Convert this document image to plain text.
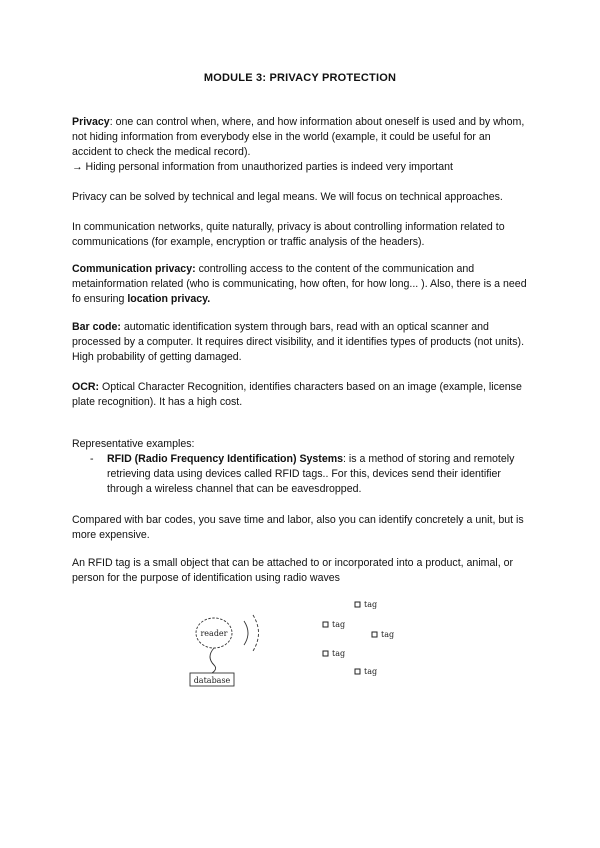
MODULE 3: PRIVACY PROTECTION

Privacy: one can control when, where, and how information about oneself is used and by whom, not hiding information from everybody else in the world (example, it could be useful for an accident to check the medical record).
→ Hiding personal information from unauthorized parties is indeed very important

Privacy can be solved by technical and legal means. We will focus on technical approaches.

In communication networks, quite naturally, privacy is about controlling information related to communications (for example, encryption or traffic analysis of the headers).

Communication privacy: controlling access to the content of the communication and metainformation related (who is communicating, how often, for how long... ). Also, there is a need fo ensuring location privacy.

Bar code: automatic identification system through bars, read with an optical scanner and processed by a computer. It requires direct visibility, and it identifies types of products (not units). High probability of getting damaged.

OCR: Optical Character Recognition, identifies characters based on an image (example, license plate recognition). It has a high cost.

Representative examples:

- RFID (Radio Frequency Identification) Systems: is a method of storing and remotely retrieving data using devices called RFID tags.. For this, devices send their identifier through a wireless channel that can be eavesdropped.

Compared with bar codes, you save time and labor, also you can identify concretely a unit, but is more expensive.

An RFID tag is a small object that can be attached to or incorporated into a product, animal, or person for the purpose of identification using radio waves

reader
database
tag
tag
tag
tag
tag
